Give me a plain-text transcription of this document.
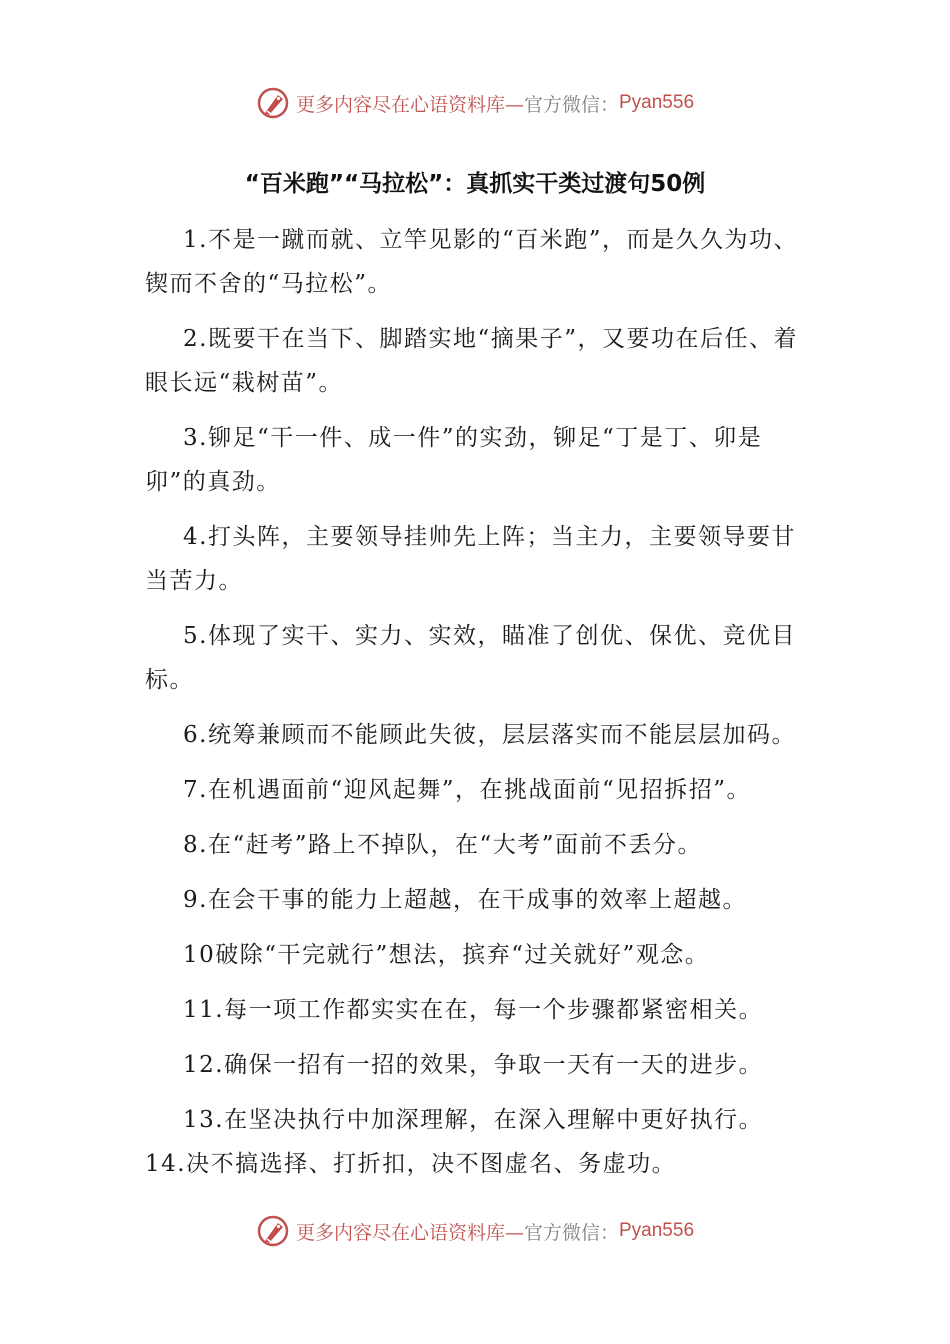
更多内容尽在心语资料库— 官方微信： Pyan556
“百米跑”“马拉松”：真抓实干类过渡句50例

1.不是一蹴而就、立竿见影的“百米跑”，而是久久为功、锲而不舍的“马拉松”。

2.既要干在当下、脚踏实地“摘果子”，又要功在后任、着眼长远“栽树苗”。

3.铆足“干一件、成一件”的实劲，铆足“丁是丁、卯是卯”的真劲。

4.打头阵，主要领导挂帅先上阵；当主力，主要领导要甘当苦力。

5.体现了实干、实力、实效，瞄准了创优、保优、竞优目标。

6.统筹兼顾而不能顾此失彼，层层落实而不能层层加码。

7.在机遇面前“迎风起舞”，在挑战面前“见招拆招”。

8.在“赶考”路上不掉队，在“大考”面前不丢分。

9.在会干事的能力上超越，在干成事的效率上超越。

10破除“干完就行”想法，摈弃“过关就好”观念。

11.每一项工作都实实在在，每一个步骤都紧密相关。

12.确保一招有一招的效果，争取一天有一天的进步。

13.在坚决执行中加深理解，在深入理解中更好执行。

14.决不搞选择、打折扣，决不图虚名、务虚功。

更多内容尽在心语资料库— 官方微信： Pyan556
